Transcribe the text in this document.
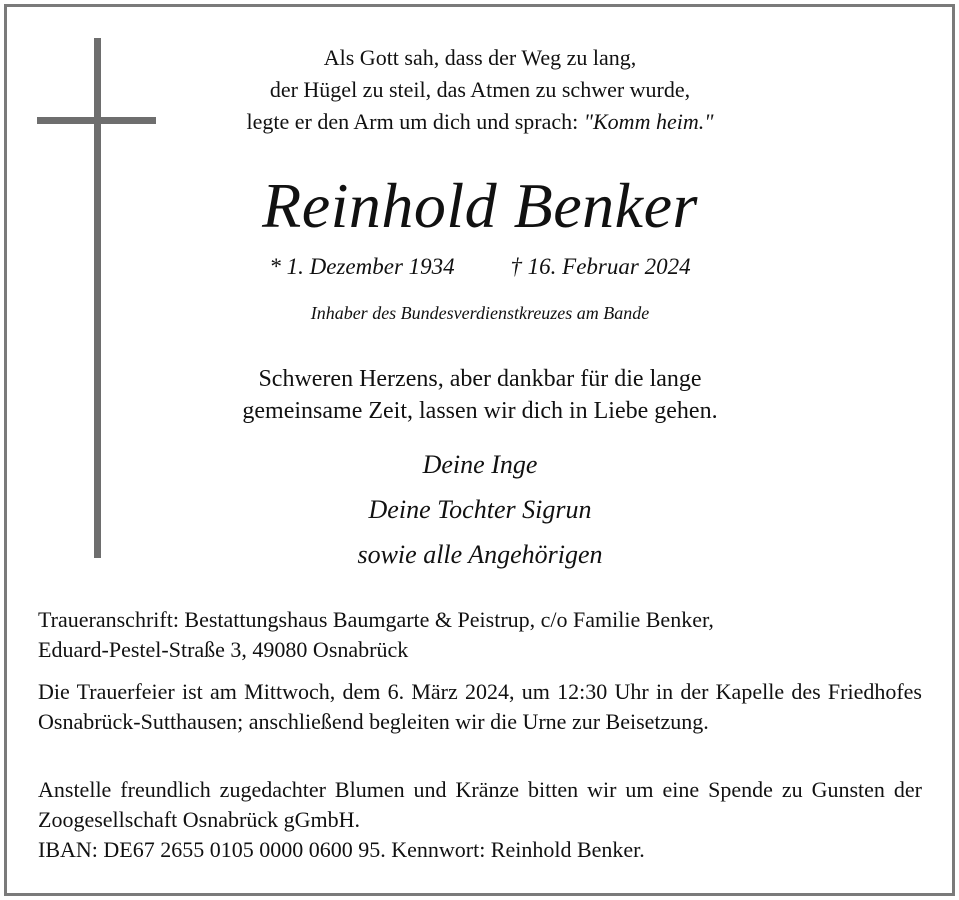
Als Gott sah, dass der Weg zu lang,
der Hügel zu steil, das Atmen zu schwer wurde,
legte er den Arm um dich und sprach: "Komm heim."
Reinhold Benker
* 1. Dezember 1934 † 16. Februar 2024
Inhaber des Bundesverdienstkreuzes am Bande
Schweren Herzens, aber dankbar für die lange
gemeinsame Zeit, lassen wir dich in Liebe gehen.
Deine Inge
Deine Tochter Sigrun
sowie alle Angehörigen
Traueranschrift: Bestattungshaus Baumgarte & Peistrup, c/o Familie Benker,
Eduard-Pestel-Straße 3, 49080 Osnabrück
Die Trauerfeier ist am Mittwoch, dem 6. März 2024, um 12:30 Uhr in der Kapelle des Friedhofes Osnabrück-Sutthausen; anschließend begleiten wir die Urne zur Beisetzung.
Anstelle freundlich zugedachter Blumen und Kränze bitten wir um eine Spende zu Gunsten der Zoogesellschaft Osnabrück gGmbH.
IBAN: DE67 2655 0105 0000 0600 95. Kennwort: Reinhold Benker.
